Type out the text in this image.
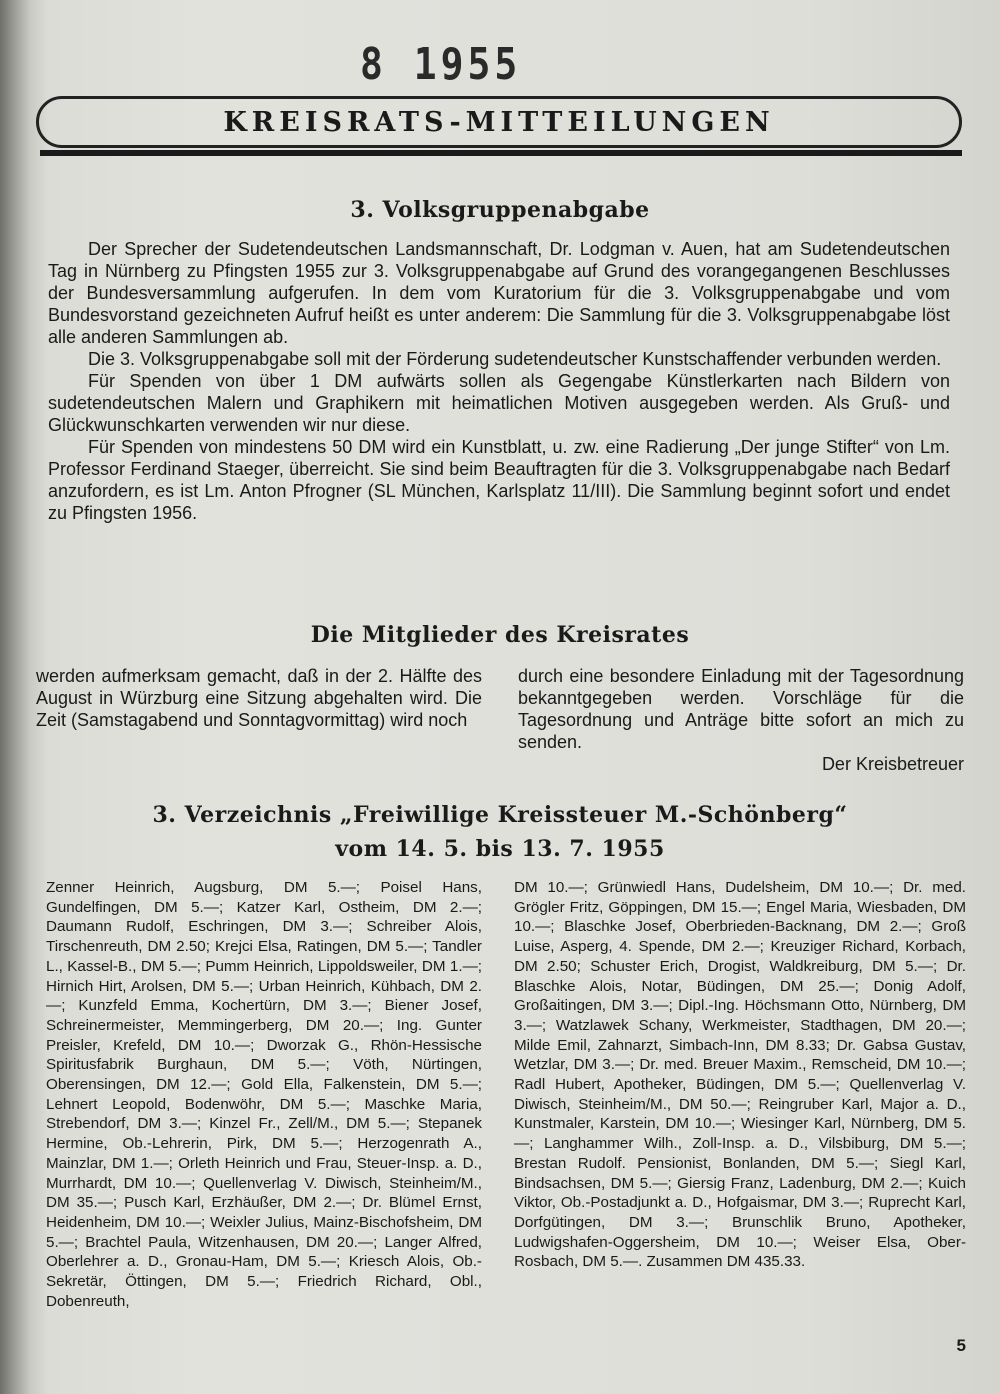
8 1955
KREISRATS-MITTEILUNGEN
3. Volksgruppenabgabe

Der Sprecher der Sudetendeutschen Landsmannschaft, Dr. Lodgman v. Auen, hat am Sudetendeutschen Tag in Nürnberg zu Pfingsten 1955 zur 3. Volksgruppenabgabe auf Grund des vorangegangenen Beschlusses der Bundesversammlung aufgerufen. In dem vom Kuratorium für die 3. Volksgruppenabgabe und vom Bundesvorstand gezeichneten Aufruf heißt es unter anderem: Die Sammlung für die 3. Volksgruppenabgabe löst alle anderen Sammlungen ab.

Die 3. Volksgruppenabgabe soll mit der Förderung sudetendeutscher Kunstschaffender verbunden werden.

Für Spenden von über 1 DM aufwärts sollen als Gegengabe Künstlerkarten nach Bildern von sudetendeutschen Malern und Graphikern mit heimatlichen Motiven ausgegeben werden. Als Gruß- und Glückwunschkarten verwenden wir nur diese.

Für Spenden von mindestens 50 DM wird ein Kunstblatt, u. zw. eine Radierung „Der junge Stifter“ von Lm. Professor Ferdinand Staeger, überreicht. Sie sind beim Beauftragten für die 3. Volksgruppenabgabe nach Bedarf anzufordern, es ist Lm. Anton Pfrogner (SL München, Karlsplatz 11/III). Die Sammlung beginnt sofort und endet zu Pfingsten 1956.

Die Mitglieder des Kreisrates

werden aufmerksam gemacht, daß in der 2. Hälfte des August in Würzburg eine Sitzung abgehalten wird. Die Zeit (Samstagabend und Sonntagvormittag) wird noch

durch eine besondere Einladung mit der Tagesordnung bekanntgegeben werden. Vorschläge für die Tagesordnung und Anträge bitte sofort an mich zu senden.

Der Kreisbetreuer

3. Verzeichnis „Freiwillige Kreissteuer M.-Schönberg“
vom 14. 5. bis 13. 7. 1955

Zenner Heinrich, Augsburg, DM 5.—; Poisel Hans, Gundelfingen, DM 5.—; Katzer Karl, Ostheim, DM 2.—; Daumann Rudolf, Eschringen, DM 3.—; Schreiber Alois, Tirschenreuth, DM 2.50; Krejci Elsa, Ratingen, DM 5.—; Tandler L., Kassel-B., DM 5.—; Pumm Heinrich, Lippoldsweiler, DM 1.—; Hirnich Hirt, Arolsen, DM 5.—; Urban Heinrich, Kühbach, DM 2.—; Kunzfeld Emma, Kochertürn, DM 3.—; Biener Josef, Schreinermeister, Memmingerberg, DM 20.—; Ing. Gunter Preisler, Krefeld, DM 10.—; Dworzak G., Rhön-Hessische Spiritusfabrik Burghaun, DM 5.—; Vöth, Nürtingen, Oberensingen, DM 12.—; Gold Ella, Falkenstein, DM 5.—; Lehnert Leopold, Bodenwöhr, DM 5.—; Maschke Maria, Strebendorf, DM 3.—; Kinzel Fr., Zell/M., DM 5.—; Stepanek Hermine, Ob.-Lehrerin, Pirk, DM 5.—; Herzogenrath A., Mainzlar, DM 1.—; Orleth Heinrich und Frau, Steuer-Insp. a. D., Murrhardt, DM 10.—; Quellenverlag V. Diwisch, Steinheim/M., DM 35.—; Pusch Karl, Erzhäußer, DM 2.—; Dr. Blümel Ernst, Heidenheim, DM 10.—; Weixler Julius, Mainz-Bischofsheim, DM 5.—; Brachtel Paula, Witzenhausen, DM 20.—; Langer Alfred, Oberlehrer a. D., Gronau-Ham, DM 5.—; Kriesch Alois, Ob.-Sekretär, Öttingen, DM 5.—; Friedrich Richard, Obl., Dobenreuth,

DM 10.—; Grünwiedl Hans, Dudelsheim, DM 10.—; Dr. med. Grögler Fritz, Göppingen, DM 15.—; Engel Maria, Wiesbaden, DM 10.—; Blaschke Josef, Oberbrieden-Backnang, DM 2.—; Groß Luise, Asperg, 4. Spende, DM 2.—; Kreuziger Richard, Korbach, DM 2.50; Schuster Erich, Drogist, Waldkreiburg, DM 5.—; Dr. Blaschke Alois, Notar, Büdingen, DM 25.—; Donig Adolf, Großaitingen, DM 3.—; Dipl.-Ing. Höchsmann Otto, Nürnberg, DM 3.—; Watzlawek Schany, Werkmeister, Stadthagen, DM 20.—; Milde Emil, Zahnarzt, Simbach-Inn, DM 8.33; Dr. Gabsa Gustav, Wetzlar, DM 3.—; Dr. med. Breuer Maxim., Remscheid, DM 10.—; Radl Hubert, Apotheker, Büdingen, DM 5.—; Quellenverlag V. Diwisch, Steinheim/M., DM 50.—; Reingruber Karl, Major a. D., Kunstmaler, Karstein, DM 10.—; Wiesinger Karl, Nürnberg, DM 5.—; Langhammer Wilh., Zoll-Insp. a. D., Vilsbiburg, DM 5.—; Brestan Rudolf. Pensionist, Bonlanden, DM 5.—; Siegl Karl, Bindsachsen, DM 5.—; Giersig Franz, Ladenburg, DM 2.—; Kuich Viktor, Ob.-Postadjunkt a. D., Hofgaismar, DM 3.—; Ruprecht Karl, Dorfgütingen, DM 3.—; Brunschlik Bruno, Apotheker, Ludwigshafen-Oggersheim, DM 10.—; Weiser Elsa, Ober-Rosbach, DM 5.—. Zusammen DM 435.33.

5
